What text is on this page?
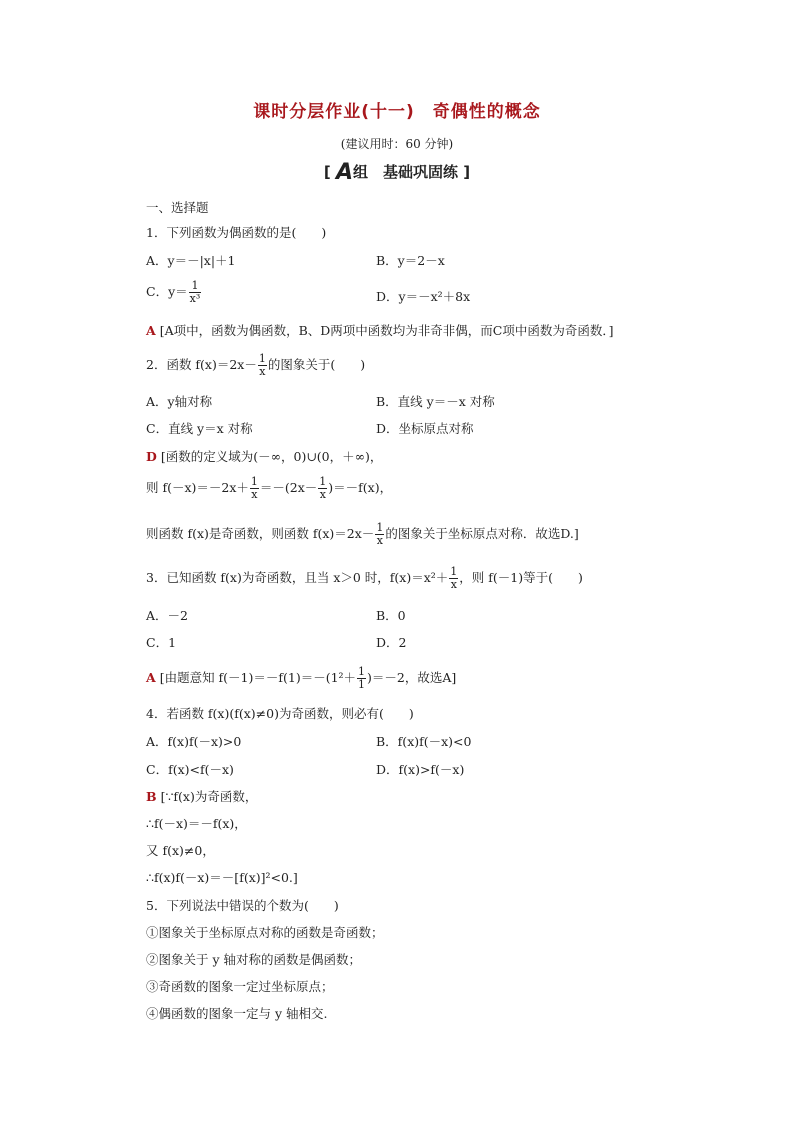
课时分层作业(十一)　奇偶性的概念
(建议用时：60 分钟)
[ A组　基础巩固练 ]
一、选择题
1．下列函数为偶函数的是(　　)
A．y＝－|x|＋1	B．y＝2－x
C．$y= \frac{1}{\text{x³}}$	D．y＝－x²＋8x
A [A项中，函数为偶函数，B、D两项中函数均为非奇非偶，而C项中函数为奇函数．]
2．函数 $f(x)=2x- \frac{1}{x}$ 的图象关于(　　)
A．y轴对称	B．直线 y＝－x 对称
C．直线 y＝x 对称	D．坐标原点对称
D [函数的定义域为(－∞，0)∪(0，＋∞)，
则 $f(-x)=-2x+ \frac{1}{x} =-(2x- \frac{1}{x} )=-f(x)$，
则函数 f(x)是奇函数，则函数 $f(x)=2x- \frac{1}{x}$ 的图象关于坐标原点对称．故选D.]
3．已知函数 f(x)为奇函数，且当 x＞0 时，$f(x)=x^2+ \frac{1}{x}$ ，则 f(－1)等于(　　)
A．－2	B．0
C．1	D．2
A [由题意知 $f(-1)=-f(1)=-(1^2+ \frac{1}{1} )=-2$，故选A]
4．若函数 f(x)(f(x)≠0)为奇函数，则必有(　　)
A．f(x)f(－x)>0	B．f(x)f(－x)<0
C．f(x)<f(－x)	D．f(x)>f(－x)
B [∵f(x)为奇函数，
∴f(－x)＝－f(x)，
又 f(x)≠0，
∴f(x)f(－x)＝－[f(x)]²<0.]
5．下列说法中错误的个数为(　　)
①图象关于坐标原点对称的函数是奇函数；
②图象关于 y 轴对称的函数是偶函数；
③奇函数的图象一定过坐标原点；
④偶函数的图象一定与 y 轴相交.
